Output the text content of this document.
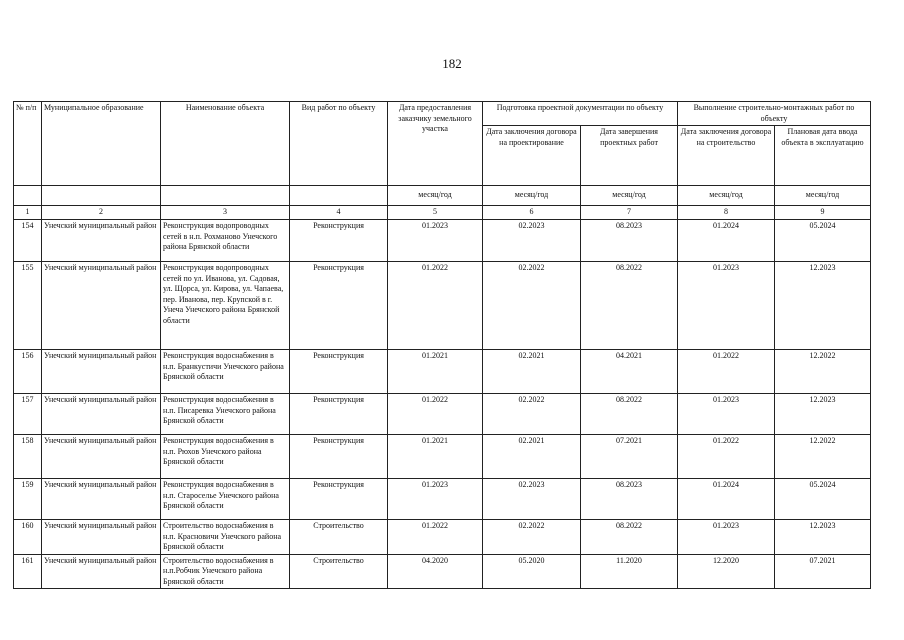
182
№ п/п	Муниципальное образование	Наименование объекта	Вид работ по объекту	Дата предоставления заказчику земельного участка	Подготовка проектной документации по объекту		Выполнение строительно-монтажных работ по объекту	
					Дата заключения договора на проектирование	Дата завершения проектных работ	Дата заключения договора на строительство	Плановая дата ввода объекта в эксплуатацию
				месяц/год	месяц/год	месяц/год	месяц/год	месяц/год
1	2	3	4	5	6	7	8	9
154	Унечский муниципальный район	Реконструкция водопроводных сетей в н.п. Рохманово Унечского района Брянской области	Реконструкция	01.2023	02.2023	08.2023	01.2024	05.2024
155	Унечский муниципальный район	Реконструкция водопроводных сетей по ул. Иванова, ул. Садовая, ул. Щорса, ул. Кирова, ул. Чапаева, пер. Иванова, пер. Крупской в г. Унеча Унечского района Брянской области	Реконструкция	01.2022	02.2022	08.2022	01.2023	12.2023
156	Унечский муниципальный район	Реконструкция водоснабжения в н.п. Бранкустичи Унечского района Брянской области	Реконструкция	01.2021	02.2021	04.2021	01.2022	12.2022
157	Унечский муниципальный район	Реконструкция водоснабжения в н.п. Писаревка Унечского района Брянской области	Реконструкция	01.2022	02.2022	08.2022	01.2023	12.2023
158	Унечский муниципальный район	Реконструкция водоснабжения в н.п. Рюхов Унечского района Брянской области	Реконструкция	01.2021	02.2021	07.2021	01.2022	12.2022
159	Унечский муниципальный район	Реконструкция водоснабжения в н.п. Староселье Унечского района Брянской области	Реконструкция	01.2023	02.2023	08.2023	01.2024	05.2024
160	Унечский муниципальный район	Строительство водоснабжения в н.п. Красновичи Унечского района Брянской области	Строительство	01.2022	02.2022	08.2022	01.2023	12.2023
161	Унечский муниципальный район	Строительство водоснабжения в н.п.Робчик Унечского района Брянской области	Строительство	04.2020	05.2020	11.2020	12.2020	07.2021
